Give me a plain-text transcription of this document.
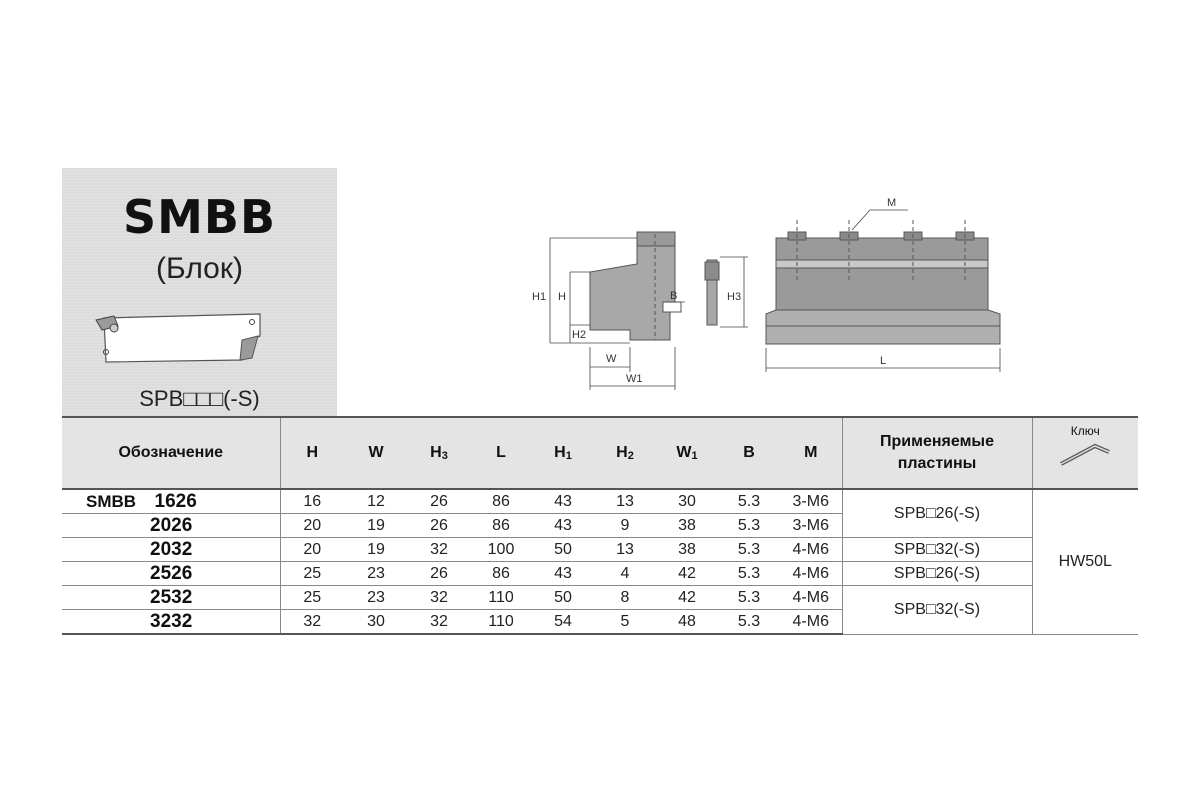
SMBB
(Блок)
SPB□□□(-S)
H1 H
H2
W
W1
B	H3
M
L
Обозначение	H	W	H3	L	H1	H2	W1	B	M	Применяемые
пластины	Ключ

SMBB 1626	16	12	26	86	43	13	30	5.3	3-M6	SPB□26(-S)	HW50L
2026	20	19	26	86	43	9	38	5.3	3-M6		
2032	20	19	32	100	50	13	38	5.3	4-M6	SPB□32(-S)	
2526	25	23	26	86	43	4	42	5.3	4-M6	SPB□26(-S)	
2532	25	23	32	110	50	8	42	5.3	4-M6	SPB□32(-S)	
3232	32	30	32	110	54	5	48	5.3	4-M6		
